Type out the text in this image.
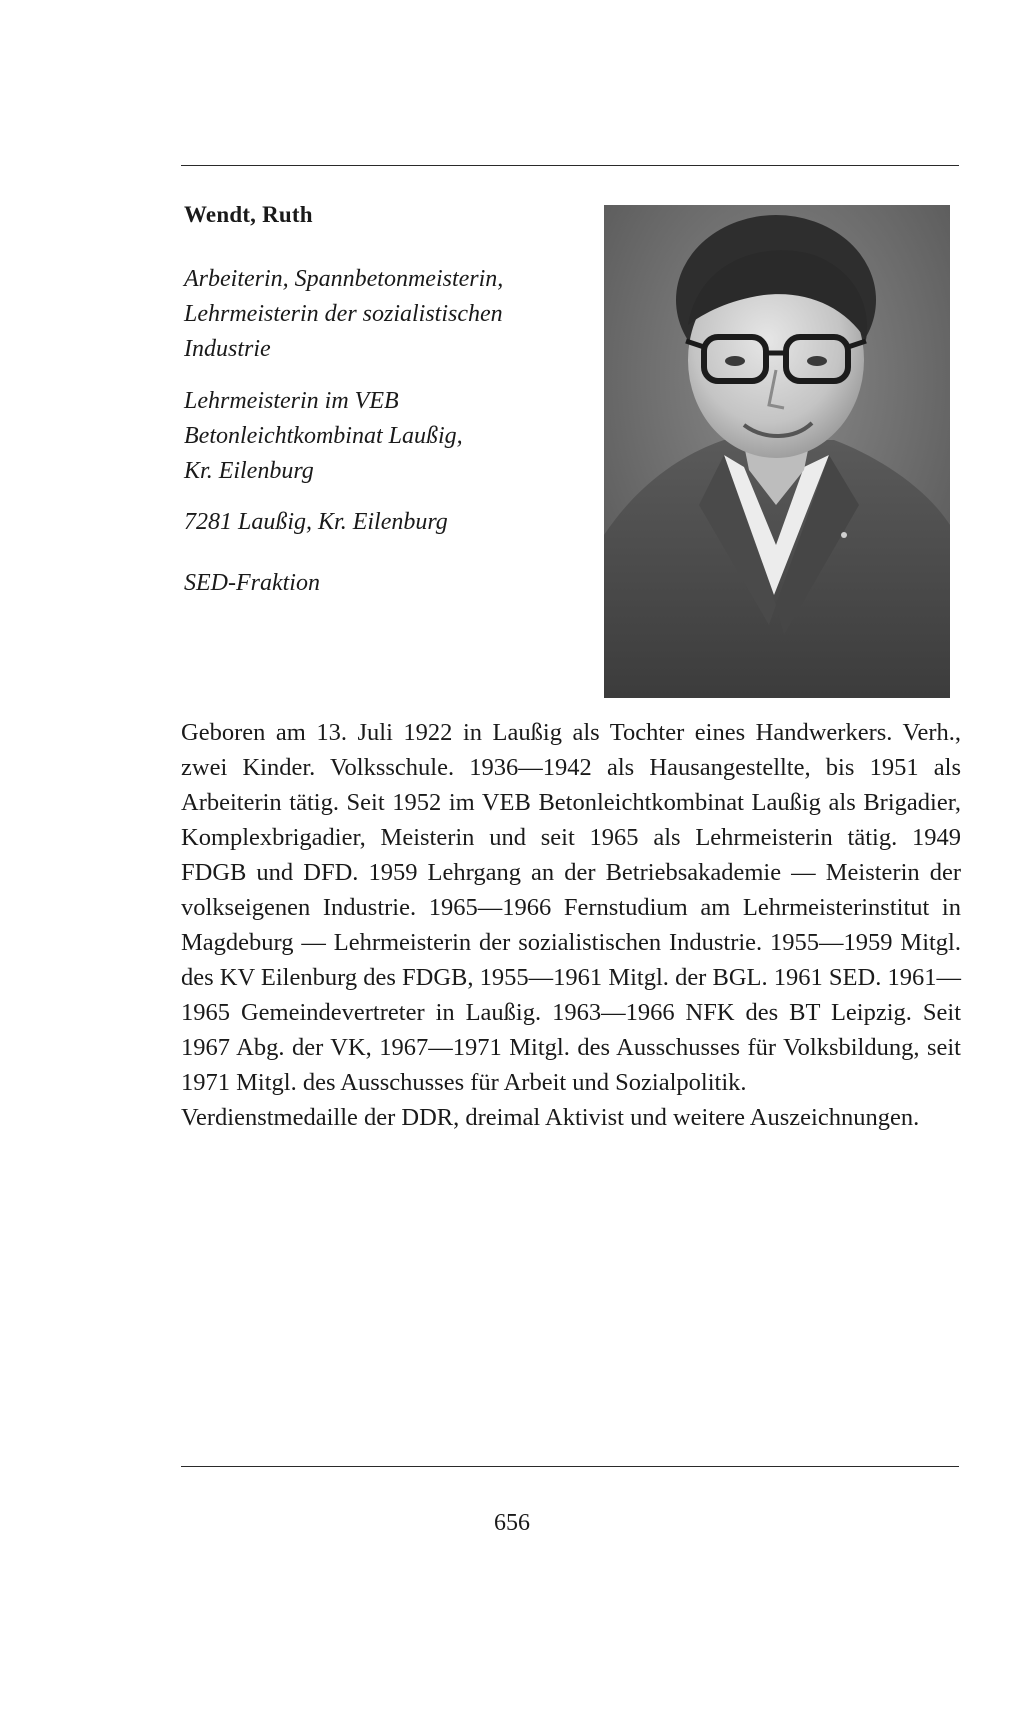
Wendt, Ruth
Arbeiterin, Spannbetonmeisterin,
Lehrmeisterin der sozialistischen
Industrie
Lehrmeisterin im VEB
Betonleichtkombinat Laußig,
Kr. Eilenburg
7281 Laußig, Kr. Eilenburg
SED-Fraktion

Geboren am 13. Juli 1922 in Laußig als Tochter eines Handwerkers. Verh., zwei Kinder. Volksschule. 1936—1942 als Hausangestellte, bis 1951 als Arbeiterin tätig. Seit 1952 im VEB Betonleichtkombinat Laußig als Brigadier, Komplexbrigadier, Meisterin und seit 1965 als Lehrmeisterin tätig. 1949 FDGB und DFD. 1959 Lehrgang an der Betriebsakademie — Meisterin der volkseigenen Industrie. 1965—1966 Fernstudium am Lehrmeisterinstitut in Magdeburg — Lehrmeisterin der sozialistischen Industrie. 1955—1959 Mitgl. des KV Eilenburg des FDGB, 1955—1961 Mitgl. der BGL. 1961 SED. 1961—1965 Gemeindevertreter in Laußig. 1963—1966 NFK des BT Leipzig. Seit 1967 Abg. der VK, 1967—1971 Mitgl. des Ausschusses für Volksbildung, seit 1971 Mitgl. des Ausschusses für Arbeit und Sozialpolitik.

Verdienstmedaille der DDR, dreimal Aktivist und weitere Auszeichnungen.

656
